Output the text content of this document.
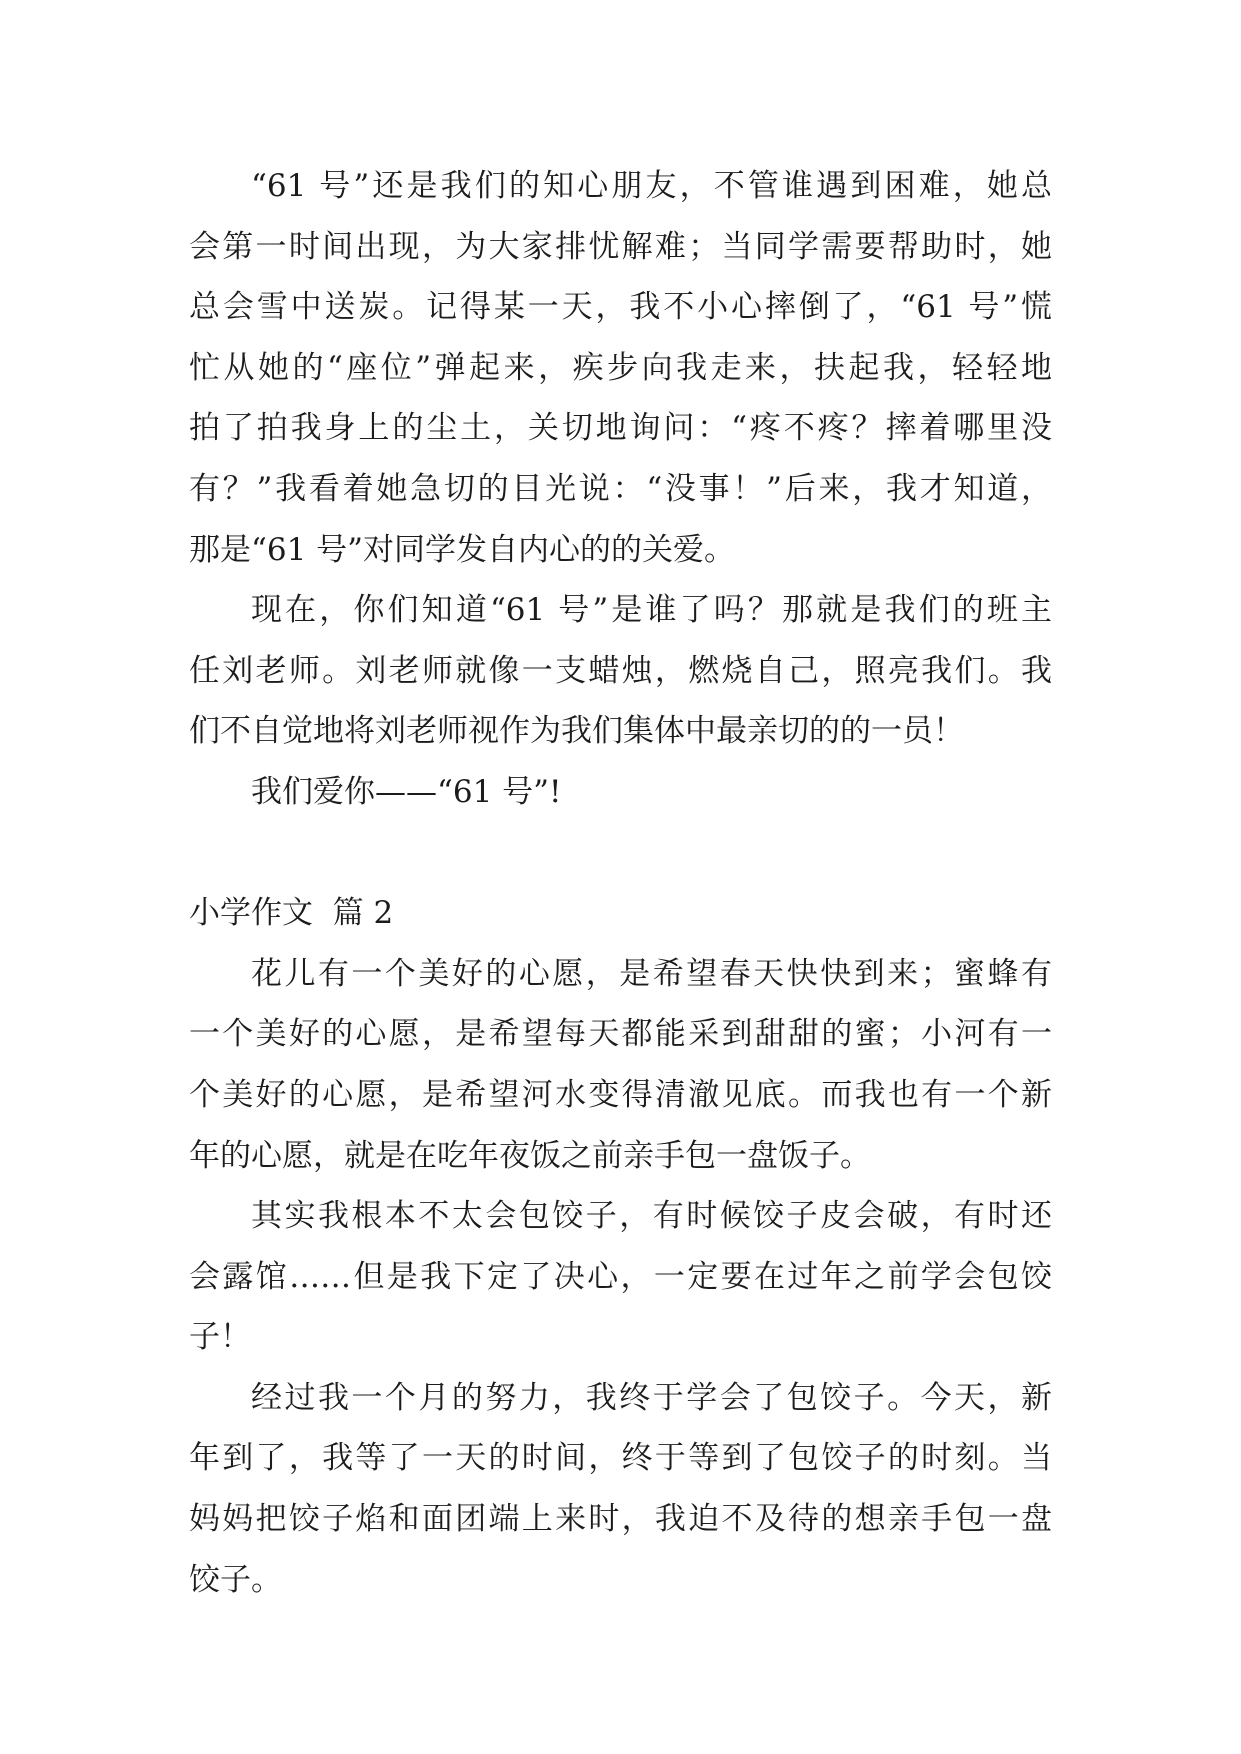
“61 号”还是我们的知心朋友，不管谁遇到困难，她总
会第一时间出现，为大家排忧解难；当同学需要帮助时，她
总会雪中送炭。记得某一天，我不小心摔倒了，“61 号”慌
忙从她的“座位”弹起来，疾步向我走来，扶起我，轻轻地
拍了拍我身上的尘土，关切地询问：“疼不疼？摔着哪里没
有？”我看着她急切的目光说：“没事！”后来，我才知道，
那是“61 号”对同学发自内心的的关爱。
现在，你们知道“61 号”是谁了吗？那就是我们的班主
任刘老师。刘老师就像一支蜡烛，燃烧自己，照亮我们。我
们不自觉地将刘老师视作为我们集体中最亲切的的一员！
我们爱你——“61 号”!
小学作文  篇 2
花儿有一个美好的心愿，是希望春天快快到来；蜜蜂有
一个美好的心愿，是希望每天都能采到甜甜的蜜；小河有一
个美好的心愿，是希望河水变得清澈见底。而我也有一个新
年的心愿，就是在吃年夜饭之前亲手包一盘饭子。
其实我根本不太会包饺子，有时候饺子皮会破，有时还
会露馆……但是我下定了决心，一定要在过年之前学会包饺
子！
经过我一个月的努力，我终于学会了包饺子。今天，新
年到了，我等了一天的时间，终于等到了包饺子的时刻。当
妈妈把饺子焰和面团端上来时，我迫不及待的想亲手包一盘
饺子。
